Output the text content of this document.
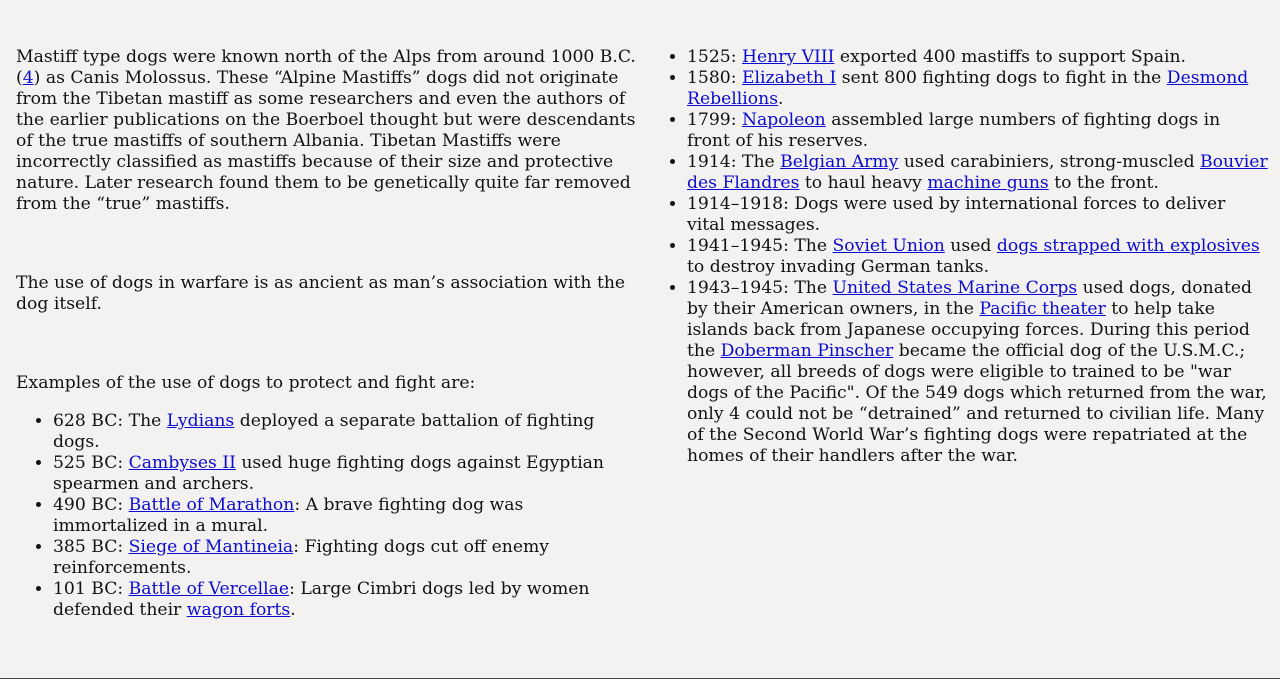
Mastiff type dogs were known north of the Alps from around 1000 B.C. (4) as Canis Molossus. These “Alpine Mastiffs” dogs did not originate from the Tibetan mastiff as some researchers and even the authors of the earlier publications on the Boerboel thought but were descendants of the true mastiffs of southern Albania. Tibetan Mastiffs were incorrectly classified as mastiffs because of their size and protective nature. Later research found them to be genetically quite far removed from the “true” mastiffs.

The use of dogs in warfare is as ancient as man’s association with the dog itself.

Examples of the use of dogs to protect and fight are:

• 628 BC: The Lydians deployed a separate battalion of fighting dogs.
• 525 BC: Cambyses II used huge fighting dogs against Egyptian spearmen and archers.
• 490 BC: Battle of Marathon: A brave fighting dog was immortalized in a mural.
• 385 BC: Siege of Mantineia: Fighting dogs cut off enemy reinforcements.
• 101 BC: Battle of Vercellae: Large Cimbri dogs led by women defended their wagon forts.
• 1525: Henry VIII exported 400 mastiffs to support Spain.
• 1580: Elizabeth I sent 800 fighting dogs to fight in the Desmond Rebellions.
• 1799: Napoleon assembled large numbers of fighting dogs in front of his reserves.
• 1914: The Belgian Army used carabiniers, strong-muscled Bouvier des Flandres to haul heavy machine guns to the front.
• 1914–1918: Dogs were used by international forces to deliver vital messages.
• 1941–1945: The Soviet Union used dogs strapped with explosives to destroy invading German tanks.
• 1943–1945: The United States Marine Corps used dogs, donated by their American owners, in the Pacific theater to help take islands back from Japanese occupying forces. During this period the Doberman Pinscher became the official dog of the U.S.M.C.; however, all breeds of dogs were eligible to trained to be "war dogs of the Pacific". Of the 549 dogs which returned from the war, only 4 could not be “detrained” and returned to civilian life. Many of the Second World War’s fighting dogs were repatriated at the homes of their handlers after the war.
